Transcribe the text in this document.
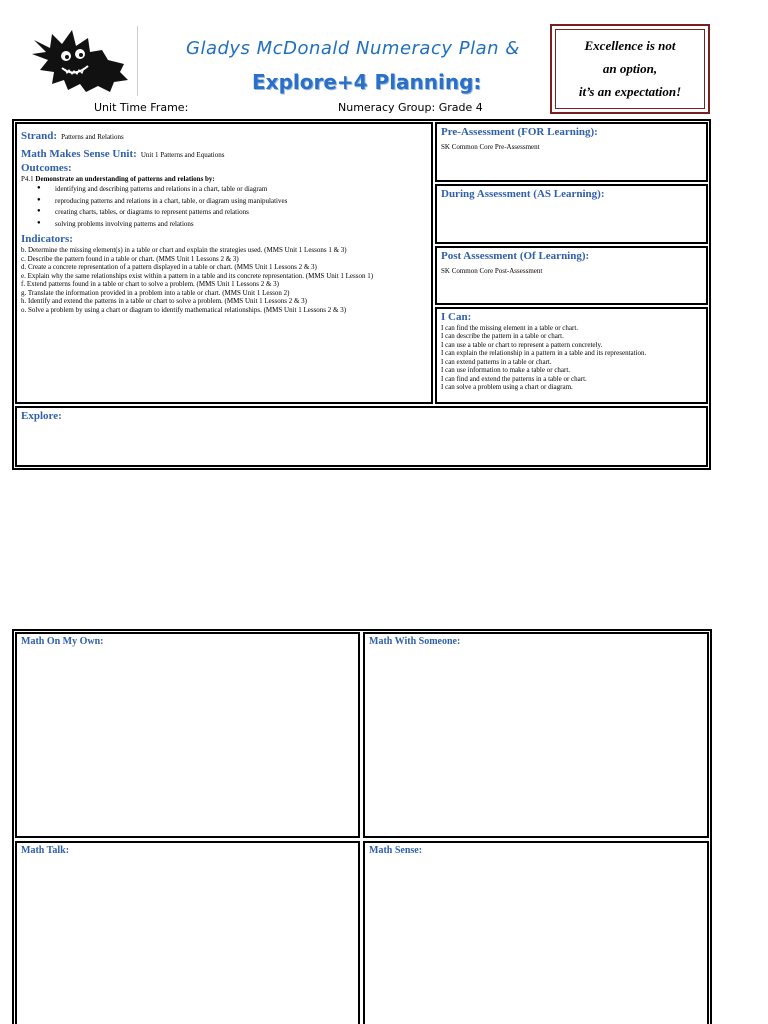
Gladys McDonald Numeracy Plan &
Explore+4 Planning:
Excellence is not
an option,
it’s an expectation!
Unit Time Frame:	Numeracy Group: Grade 4
Strand: Patterns and Relations
Math Makes Sense Unit: Unit 1 Patterns and Equations
Outcomes:
P4.1 Demonstrate an understanding of patterns and relations by:
● identifying and describing patterns and relations in a chart, table or diagram
● reproducing patterns and relations in a chart, table, or diagram using manipulatives
● creating charts, tables, or diagrams to represent patterns and relations
● solving problems involving patterns and relations
Indicators:
b. Determine the missing element(s) in a table or chart and explain the strategies used. (MMS Unit 1 Lessons 1 & 3)
c. Describe the pattern found in a table or chart. (MMS Unit 1 Lessons 2 & 3)
d. Create a concrete representation of a pattern displayed in a table or chart. (MMS Unit 1 Lessons 2 & 3)
e. Explain why the same relationships exist within a pattern in a table and its concrete representation. (MMS Unit 1 Lesson 1)
f. Extend patterns found in a table or chart to solve a problem. (MMS Unit 1 Lessons 2 & 3)
g. Translate the information provided in a problem into a table or chart. (MMS Unit 1 Lesson 2)
h. Identify and extend the patterns in a table or chart to solve a problem. (MMS Unit 1 Lessons 2 & 3)
o. Solve a problem by using a chart or diagram to identify mathematical relationships. (MMS Unit 1 Lessons 2 & 3)
Pre-Assessment (FOR Learning):
SK Common Core Pre-Assessment
During Assessment (AS Learning):
Post Assessment (Of Learning):
SK Common Core Post-Assessment
I Can:
I can find the missing element in a table or chart.
I can describe the pattern in a table or chart.
I can use a table or chart to represent a pattern concretely.
I can explain the relationship in a pattern in a table and its representation.
I can extend patterns in a table or chart.
I can use information to make a table or chart.
I can find and extend the patterns in a table or chart.
I can solve a problem using a chart or diagram.
Explore:
Math On My Own:	Math With Someone:
Math Talk:	Math Sense:
